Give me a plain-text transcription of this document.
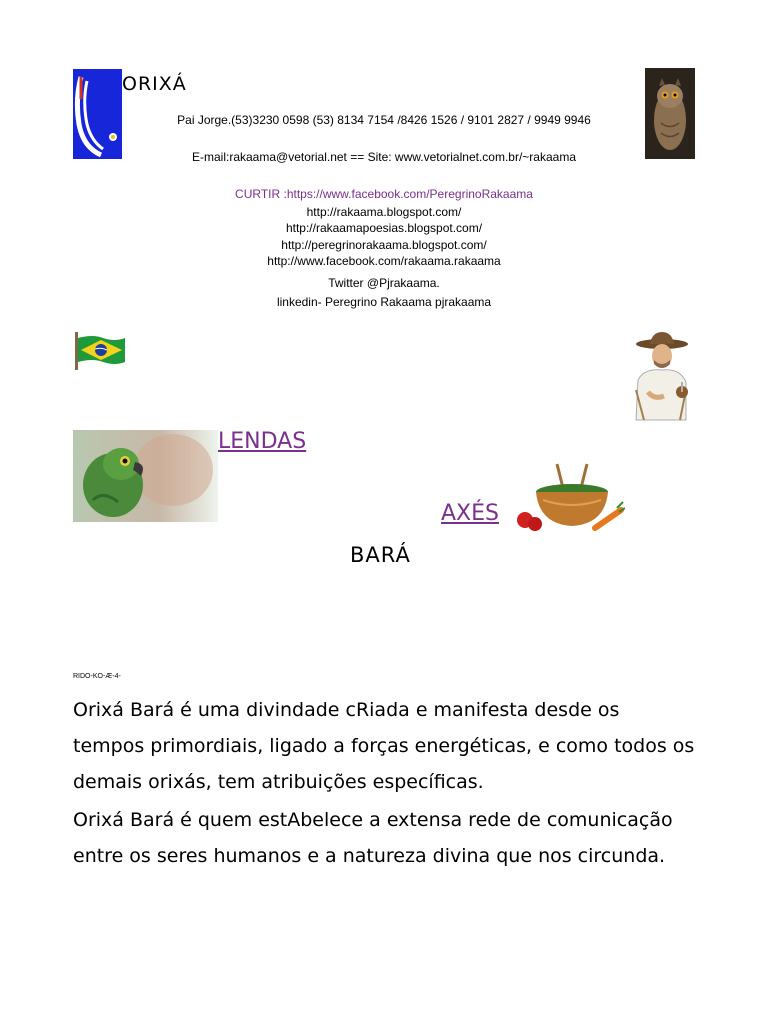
ORIXÁ
Pai Jorge.(53)3230 0598 (53) 8134 7154 /8426 1526 / 9101 2827 / 9949 9946
E-mail:rakaama@vetorial.net == Site: www.vetorialnet.com.br/~rakaama
CURTIR :https://www.facebook.com/PeregrinoRakaama
http://rakaama.blogspot.com/
http://rakaamapoesias.blogspot.com/
http://peregrinorakaama.blogspot.com/
http://www.facebook.com/rakaama.rakaama
Twitter @Pjrakaama.
linkedin- Peregrino Rakaama pjrakaama
LENDAS
AXÉS
BARÁ
RIDO-KO-Æ-4-

Orixá Bará é uma divindade cRiada e manifesta desde os tempos primordiais, ligado a forças energéticas, e como todos os demais orixás, tem atribuições específicas.

Orixá Bará é quem estAbelece a extensa rede de comunicação entre os seres humanos e a natureza divina que nos circunda.
